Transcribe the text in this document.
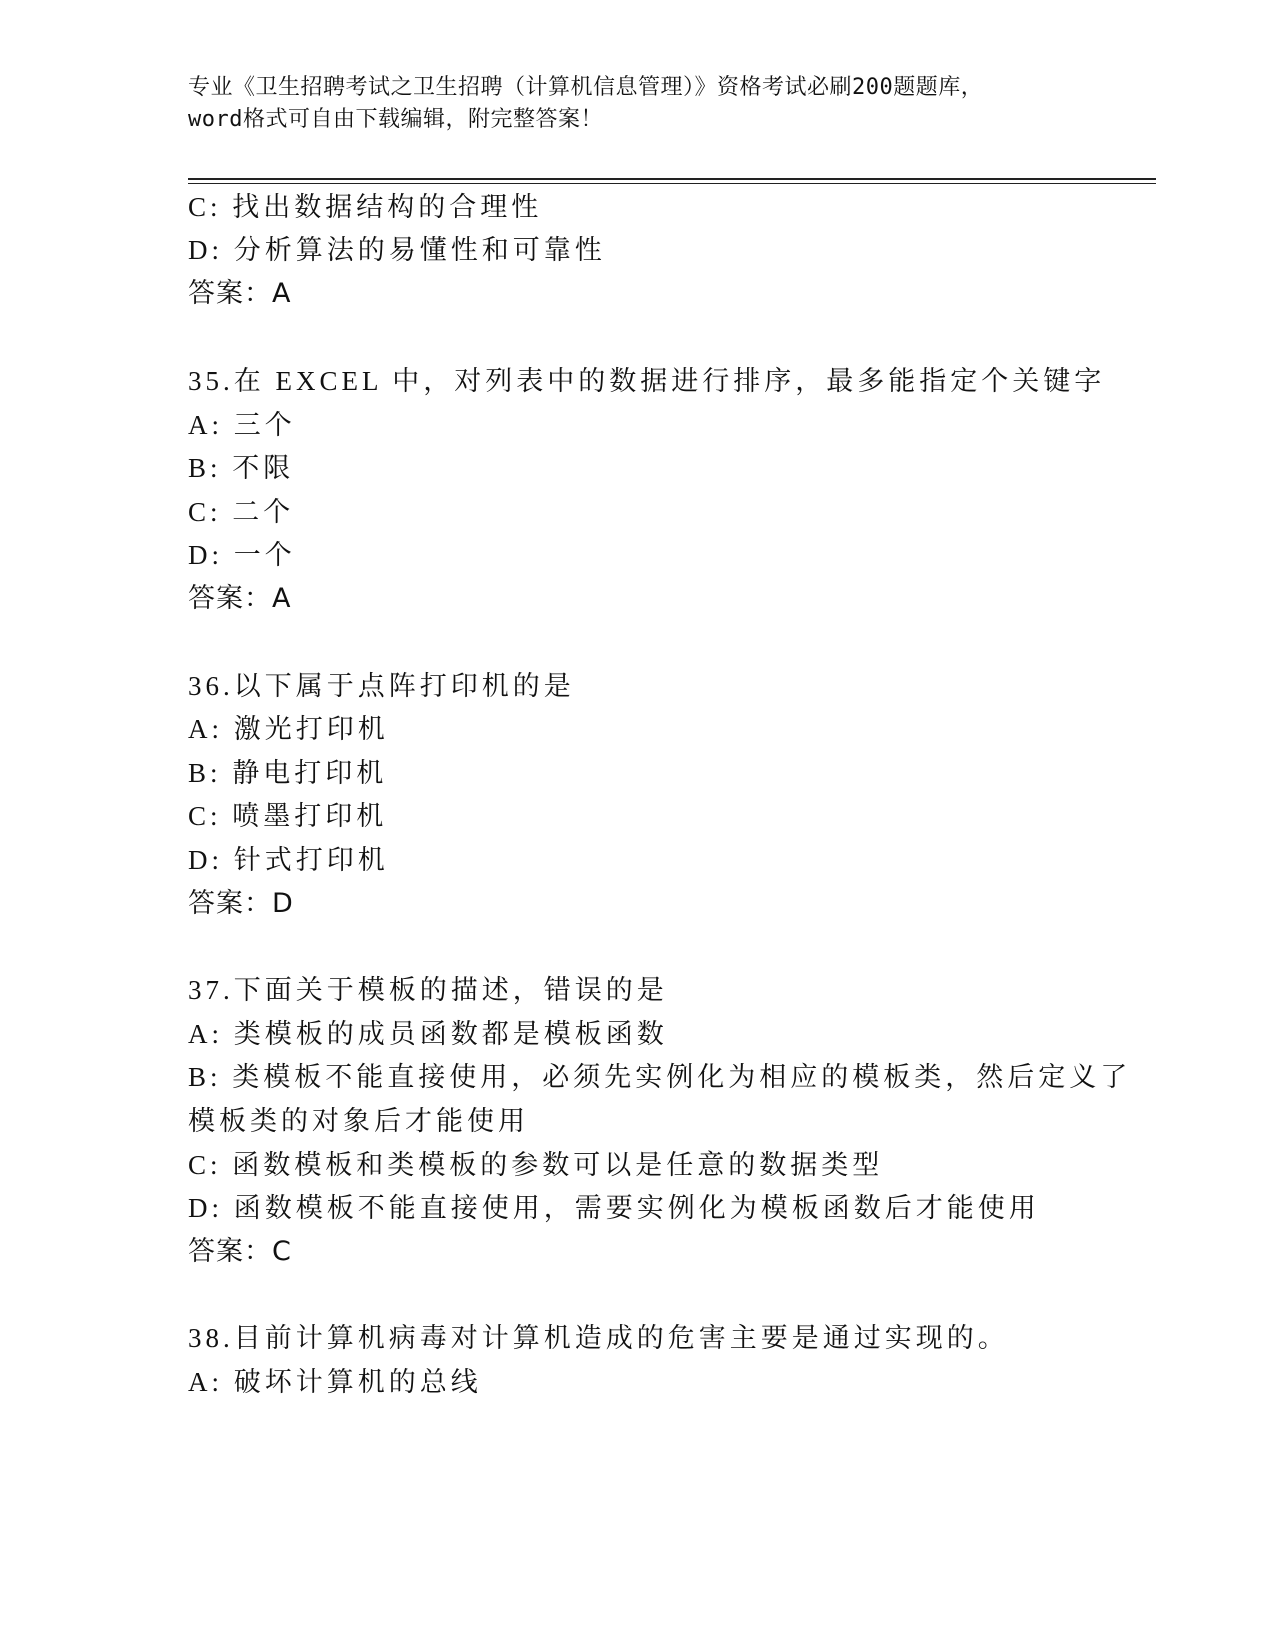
专业《卫生招聘考试之卫生招聘（计算机信息管理）》资格考试必刷200题题库，
word格式可自由下载编辑，附完整答案！
C: 找出数据结构的合理性
D: 分析算法的易懂性和可靠性
答案：A
35.在 EXCEL 中，对列表中的数据进行排序，最多能指定个关键字
A: 三个
B: 不限
C: 二个
D: 一个
答案：A
36.以下属于点阵打印机的是
A: 激光打印机
B: 静电打印机
C: 喷墨打印机
D: 针式打印机
答案：D
37.下面关于模板的描述，错误的是
A: 类模板的成员函数都是模板函数
B: 类模板不能直接使用，必须先实例化为相应的模板类，然后定义了
模板类的对象后才能使用
C: 函数模板和类模板的参数可以是任意的数据类型
D: 函数模板不能直接使用，需要实例化为模板函数后才能使用
答案：C
38.目前计算机病毒对计算机造成的危害主要是通过实现的。
A: 破坏计算机的总线
